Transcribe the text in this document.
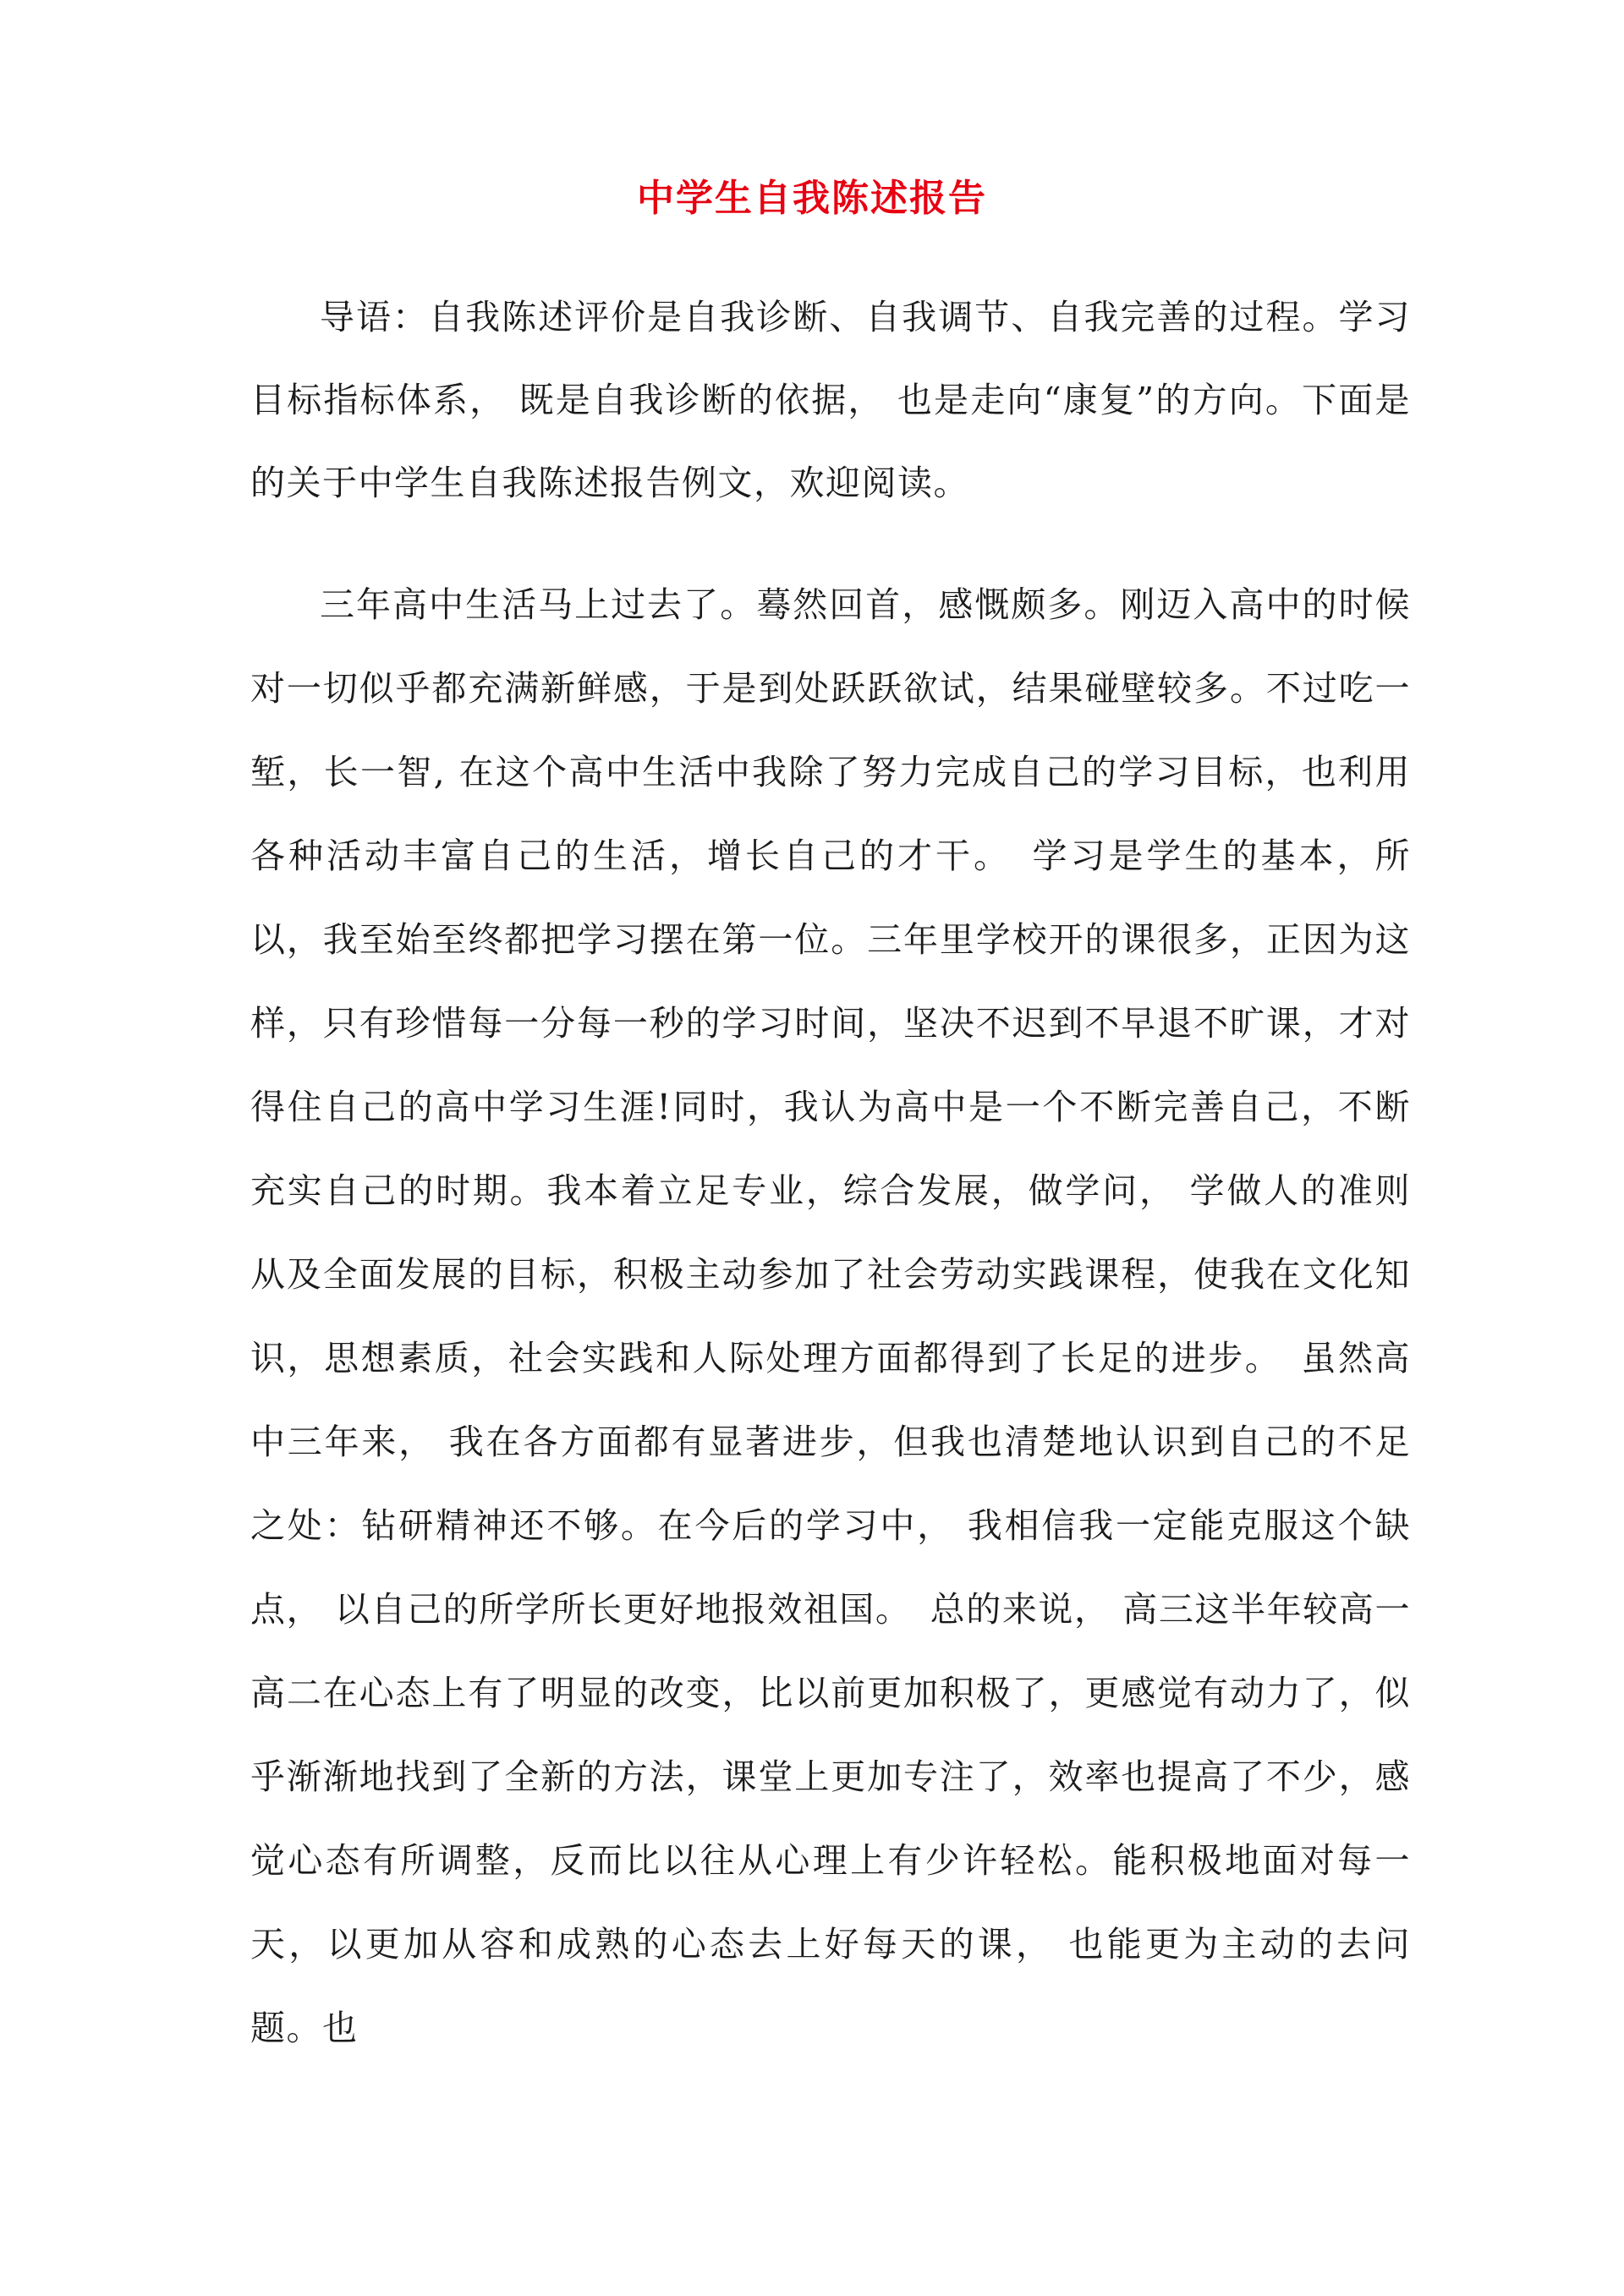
中学生自我陈述报告

导语：自我陈述评价是自我诊断、自我调节、自我完善的过程。学习目标指标体系， 既是自我诊断的依据， 也是走向“康复”的方向。下面是的关于中学生自我陈述报告例文，欢迎阅读。

三年高中生活马上过去了。蓦然回首，感慨颇多。刚迈入高中的时候对一切似乎都充满新鲜感，于是到处跃跃欲试，结果碰壁较多。不过吃一堑，长一智, 在这个高中生活中我除了努力完成自己的学习目标，也利用各种活动丰富自己的生活，增长自己的才干。　学习是学生的基本，所以，我至始至终都把学习摆在第一位。三年里学校开的课很多，正因为这样，只有珍惜每一分每一秒的学习时间，坚决不迟到不早退不旷课，才对得住自己的高中学习生涯!同时，我认为高中是一个不断完善自己，不断充实自己的时期。我本着立足专业，综合发展，做学问， 学做人的准则从及全面发展的目标，积极主动参加了社会劳动实践课程，使我在文化知识，思想素质，社会实践和人际处理方面都得到了长足的进步。　虽然高中三年来， 我在各方面都有显著进步，但我也清楚地认识到自己的不足之处：钻研精神还不够。在今后的学习中， 我相信我一定能克服这个缺点， 以自己的所学所长更好地报效祖国。　总的来说， 高三这半年较高一高二在心态上有了明显的改变，比以前更加积极了，更感觉有动力了，似乎渐渐地找到了全新的方法，课堂上更加专注了，效率也提高了不少，感觉心态有所调整，反而比以往从心理上有少许轻松。能积极地面对每一天，以更加从容和成熟的心态去上好每天的课， 也能更为主动的去问题。也
